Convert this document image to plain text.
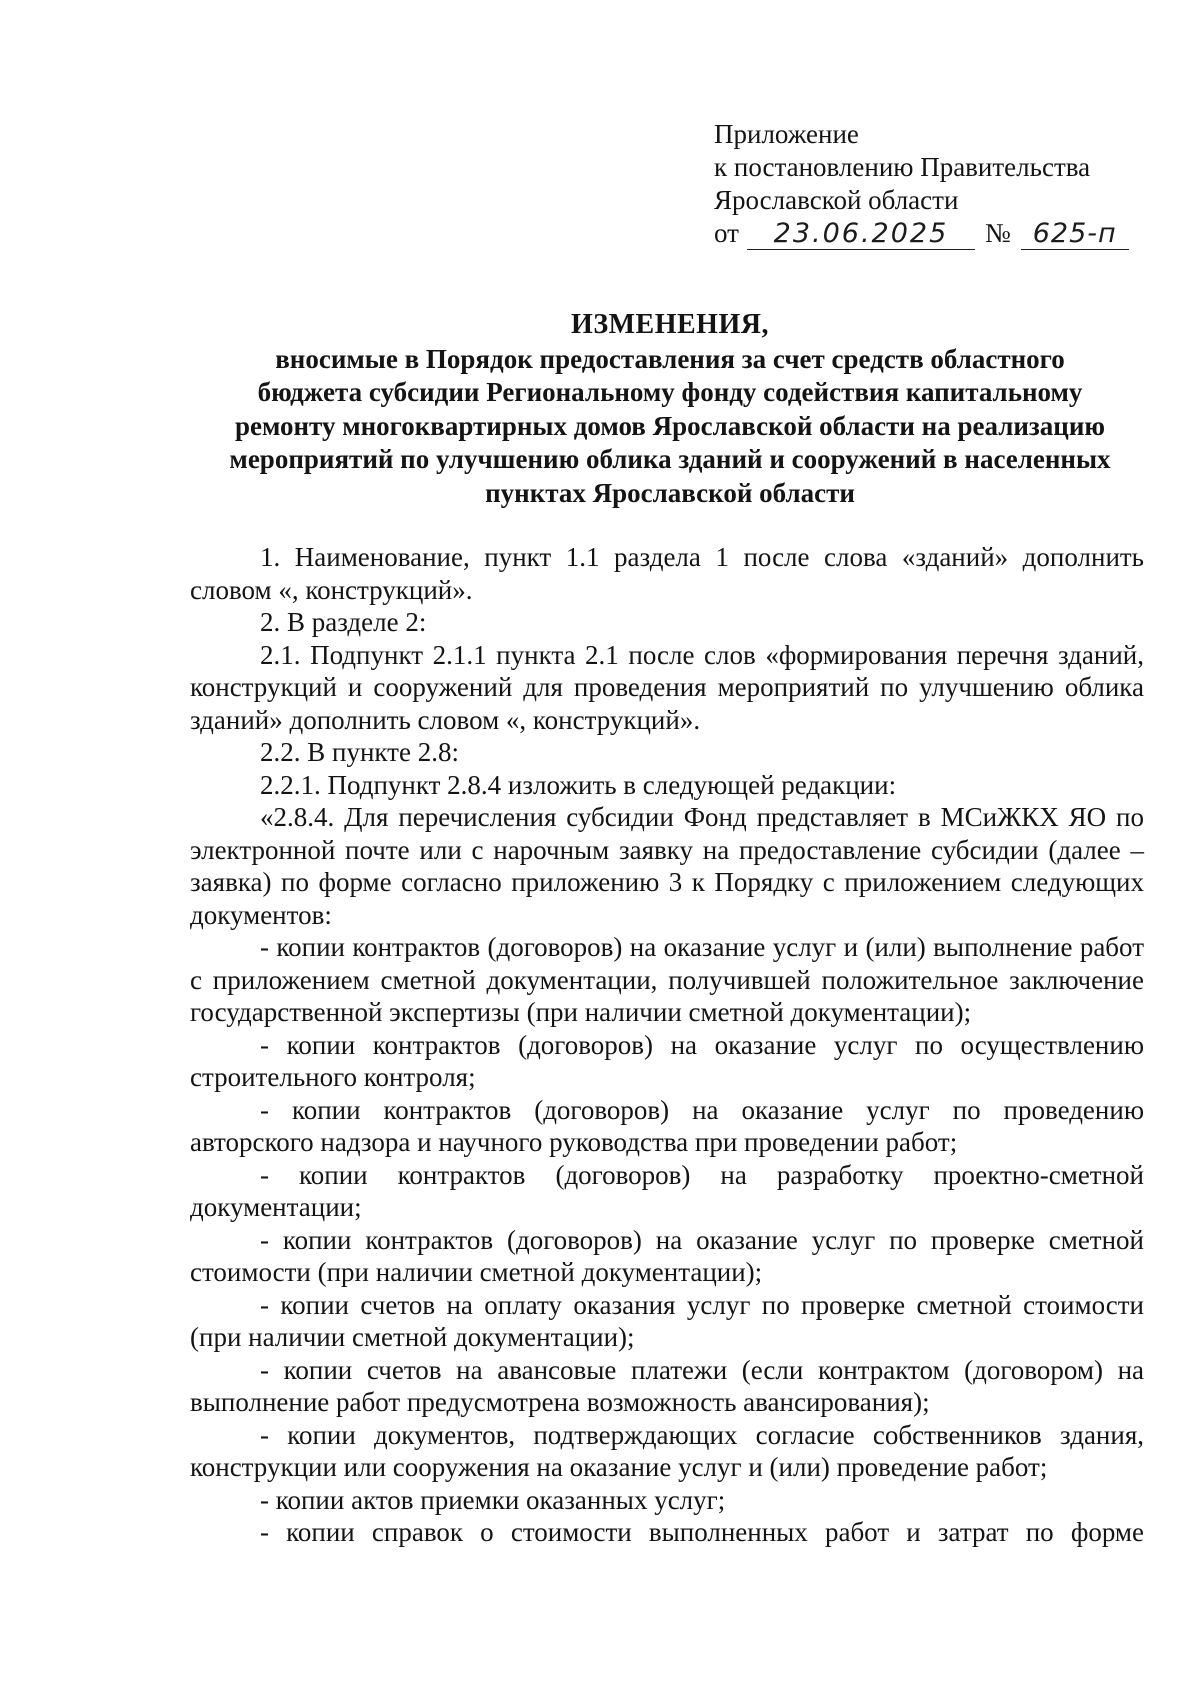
Приложение
к постановлению Правительства
Ярославской области
от	23.06.2025	№ 625-п
ИЗМЕНЕНИЯ,
вносимые в Порядок предоставления за счет средств областного
бюджета субсидии Региональному фонду содействия капитальному
ремонту многоквартирных домов Ярославской области на реализацию
мероприятий по улучшению облика зданий и сооружений в населенных
пунктах Ярославской области

1. Наименование, пункт 1.1 раздела 1 после слова «зданий» дополнить словом «, конструкций».

2. В разделе 2:

2.1. Подпункт 2.1.1 пункта 2.1 после слов «формирования перечня зданий, конструкций и сооружений для проведения мероприятий по улучшению облика зданий» дополнить словом «, конструкций».

2.2. В пункте 2.8:

2.2.1. Подпункт 2.8.4 изложить в следующей редакции:

«2.8.4. Для перечисления субсидии Фонд представляет в МСиЖКХ ЯО по электронной почте или с нарочным заявку на предоставление субсидии (далее – заявка) по форме согласно приложению 3 к Порядку с приложением следующих документов:

- копии контрактов (договоров) на оказание услуг и (или) выполнение работ с приложением сметной документации, получившей положительное заключение государственной экспертизы (при наличии сметной документации);

- копии контрактов (договоров) на оказание услуг по осуществлению строительного контроля;

- копии контрактов (договоров) на оказание услуг по проведению авторского надзора и научного руководства при проведении работ;

- копии контрактов (договоров) на разработку проектно-сметной документации;

- копии контрактов (договоров) на оказание услуг по проверке сметной стоимости (при наличии сметной документации);

- копии счетов на оплату оказания услуг по проверке сметной стоимости (при наличии сметной документации);

- копии счетов на авансовые платежи (если контрактом (договором) на выполнение работ предусмотрена возможность авансирования);

- копии документов, подтверждающих согласие собственников здания, конструкции или сооружения на оказание услуг и (или) проведение работ;

- копии актов приемки оказанных услуг;

- копии справок о стоимости выполненных работ и затрат по форме
